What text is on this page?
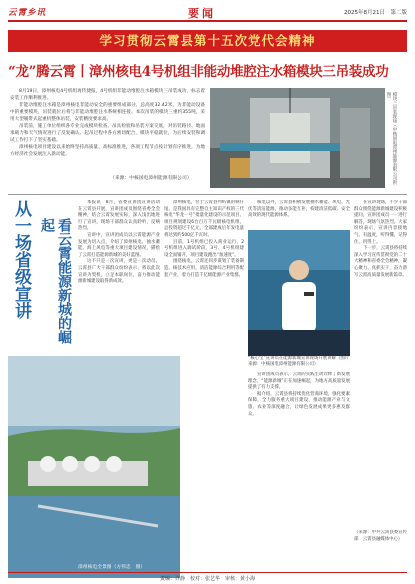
云霄乡讯	要闻	2025年8月21日　第二版
学习贯彻云霄县第十五次党代会精神
“龙”腾云霄丨漳州核电4号机组非能动堆腔注水箱模块三吊装成功

8月19日，漳州核电4号机组再传捷报，4号机组非能动堆腔注水箱模块三吊装成功，标志着安装工作顺利推进。

非能动堆腔注水箱是漳州核电非能动安全的重要组成部分，总高度32.42米，为非能动设备中的重要模块，吊装就位后将与非能动堆腔注水系统相连接。本次吊装的模块三重约355吨，采用大型履带式起重机整体吊装，安装精度要求高。

吊装前，施工单位组织各专业完成模块检查、吊具检验和吊装方案交底，对吊装路径、地面承载力和天气情况进行了反复确认。起吊过程中各方密切配合，模块平稳就位，为后续安装和调试工作打下了坚实基础。

漳州核电项目建设以来始终坚持高质量、高标准推进，各项工程节点按计划有序推进，为地方经济社会发展注入新动能。

（来源：中核国电漳州能源有限公司）	模块三吊装现场（中核国电漳州能源有限公司供图）
从一场省级宣讲	看云霄能源新城的崛起

本报讯　8月，省委宣讲团宣讲活动在云霄县开展，宣讲团成员围绕省委全会精神，结合云霄发展实际，深入浅出地进行了宣讲，现场干部群众认真聆听，反响热烈。

宣讲中，宣讲团成员以云霄能源产业发展为切入点，介绍了漳州核电、抽水蓄能、海上风电等重大项目建设情况，描绘了云霄打造能源新城的美好蓝图。

这不只是一次宣讲，更是一次动员。云霄县广大干部群众纷纷表示，将以此次宣讲为契机，立足本职岗位，奋力推动能源新城建设取得新成效。

漳州核电，位于云霄县列屿镇的刺仔尾，是我国具有完整自主知识产权的三代核电“华龙一号”批量化建设的示范项目。项目规划建设6台百万千瓦级核电机组，总投资超过千亿元，全部建成后年发电量将达到约500亿千瓦时。

目前，1号机组已投入商业运行，2号机组进入调试阶段，3号、4号机组建设全面铺开，项目建设跑出“加速度”。

围绕核电，云霄还同步谋划了装备制造、核技术应用、清洁能源综合利用等配套产业，着力打造千亿级能源产业集群。

核电以外，云霄县积极发展抽水蓄能、风电、光伏等清洁能源，推动多能互补，构建清洁低碳、安全高效的现代能源体系。

“核心宝”宣讲员在能源新城宣讲现场开展讲解（图片来源：中核国电漳州能源有限公司）

宣讲团成员表示，云霄的实践生动诠释了新发展理念，“能源新城”正在加速崛起，为地方高质量发展提供了有力支撑。

据介绍，云霄县将持续优化营商环境，强化要素保障，全力服务重大项目建设，推动能源产业与文旅、农业等深度融合，让绿色发展成果更多惠及群众。

在宣讲现场，不少干部群众围绕能源新城建设积极提问，宣讲团成员一一进行解答，现场气氛热烈。大家纷纷表示，宣讲内容接地气、有温度，听得懂、记得住、用得上。

下一步，云霄县将持续深入学习宣传贯彻党的二十大精神和省委全会精神，凝心聚力、真抓实干，奋力谱写云霄高质量发展新篇章。

（来源：中共云霄县委宣传部　云霄县融媒体中心）
漳州核电全景图（方伟忠　摄）
责编：许静　校对：张艺华　审核：黄小海
